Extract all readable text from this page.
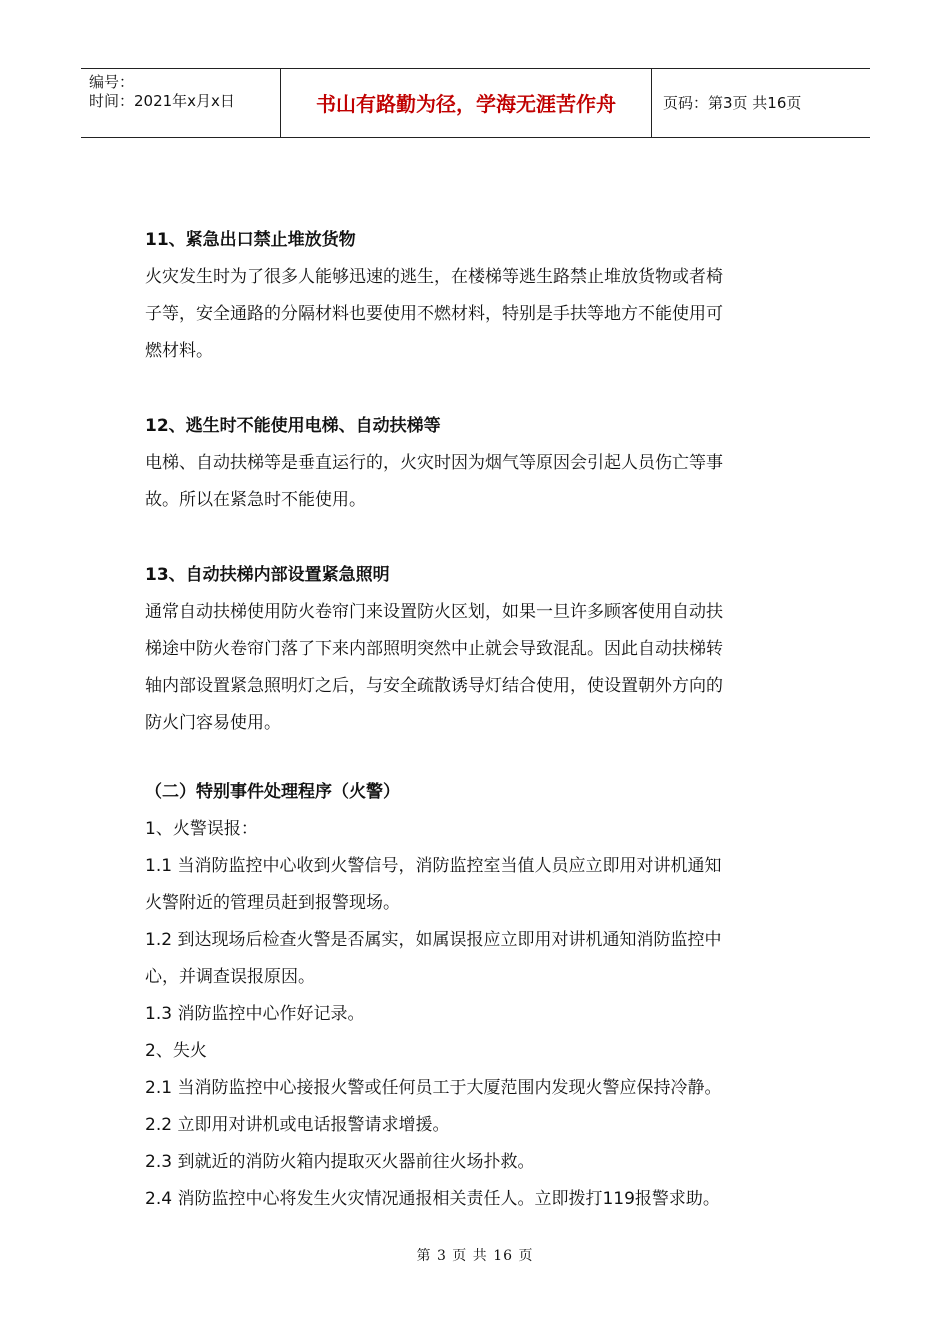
编号：
时间：2021年x月x日	书山有路勤为径，学海无涯苦作舟	页码：第3页 共16页
11、紧急出口禁止堆放货物
火灾发生时为了很多人能够迅速的逃生，在楼梯等逃生路禁止堆放货物或者椅
子等，安全通路的分隔材料也要使用不燃材料，特别是手扶等地方不能使用可
燃材料。
12、逃生时不能使用电梯、自动扶梯等
电梯、自动扶梯等是垂直运行的，火灾时因为烟气等原因会引起人员伤亡等事
故。所以在紧急时不能使用。
13、自动扶梯内部设置紧急照明
通常自动扶梯使用防火卷帘门来设置防火区划，如果一旦许多顾客使用自动扶
梯途中防火卷帘门落了下来内部照明突然中止就会导致混乱。因此自动扶梯转
轴内部设置紧急照明灯之后，与安全疏散诱导灯结合使用，使设置朝外方向的
防火门容易使用。
（二）特别事件处理程序（火警）
1、火警误报：
1.1 当消防监控中心收到火警信号，消防监控室当值人员应立即用对讲机通知
火警附近的管理员赶到报警现场。
1.2 到达现场后检查火警是否属实，如属误报应立即用对讲机通知消防监控中
心，并调查误报原因。
1.3 消防监控中心作好记录。
2、失火
2.1 当消防监控中心接报火警或任何员工于大厦范围内发现火警应保持冷静。
2.2 立即用对讲机或电话报警请求增援。
2.3 到就近的消防火箱内提取灭火器前往火场扑救。
2.4 消防监控中心将发生火灾情况通报相关责任人。立即拨打119报警求助。
第 3 页 共 16 页
